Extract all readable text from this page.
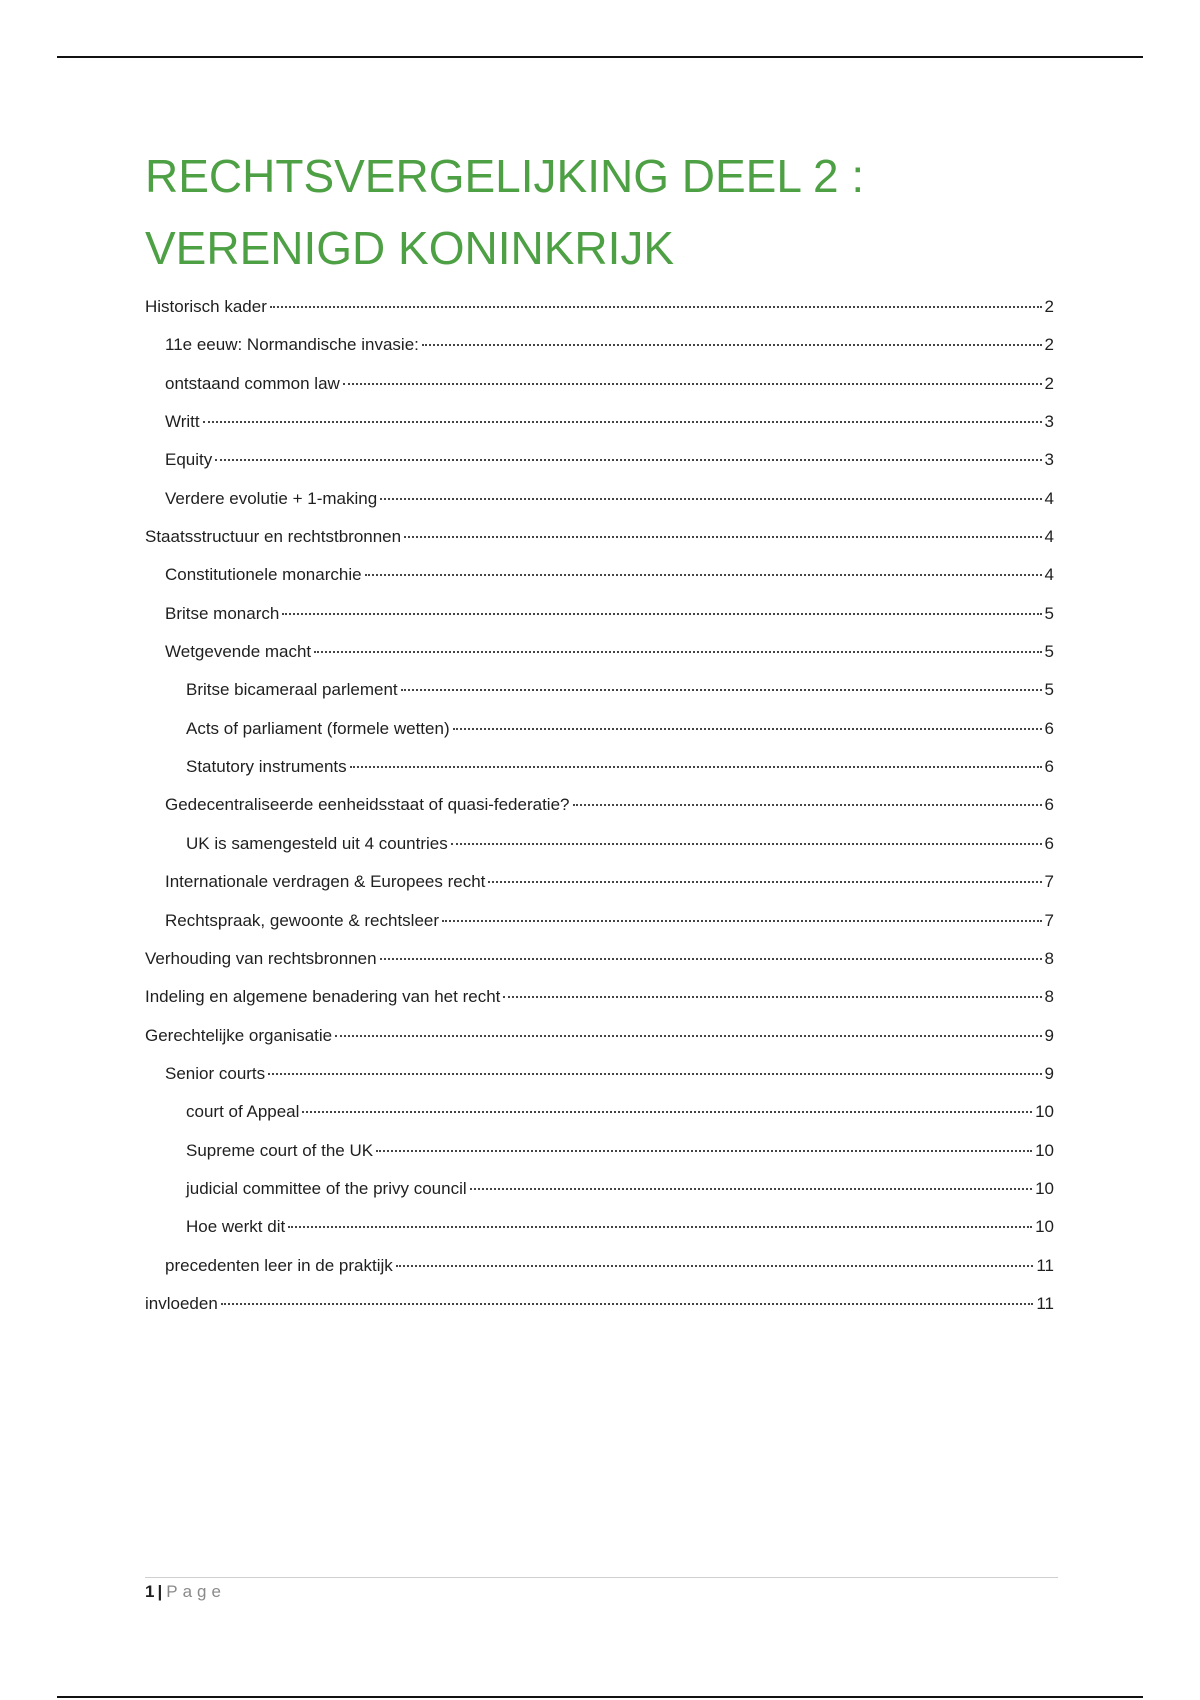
RECHTSVERGELIJKING DEEL 2 :
VERENIGD KONINKRIJK
Historisch kader	2
11e eeuw: Normandische invasie:	2
ontstaand common law	2
Writt	3
Equity	3
Verdere evolutie + 1-making	4
Staatsstructuur en rechtstbronnen	4
Constitutionele monarchie	4
Britse monarch	5
Wetgevende macht	5
Britse bicameraal parlement	5
Acts of parliament (formele wetten)	6
Statutory instruments	6
Gedecentraliseerde eenheidsstaat of quasi-federatie?	6
UK is samengesteld uit 4 countries	6
Internationale verdragen & Europees recht	7
Rechtspraak, gewoonte & rechtsleer	7
Verhouding van rechtsbronnen	8
Indeling en algemene benadering van het recht	8
Gerechtelijke organisatie	9
Senior courts	9
court of Appeal	10
Supreme court of the UK	10
judicial committee of the privy council	10
Hoe werkt dit	10
precedenten leer in de praktijk	11
invloeden	11
1 | Page
